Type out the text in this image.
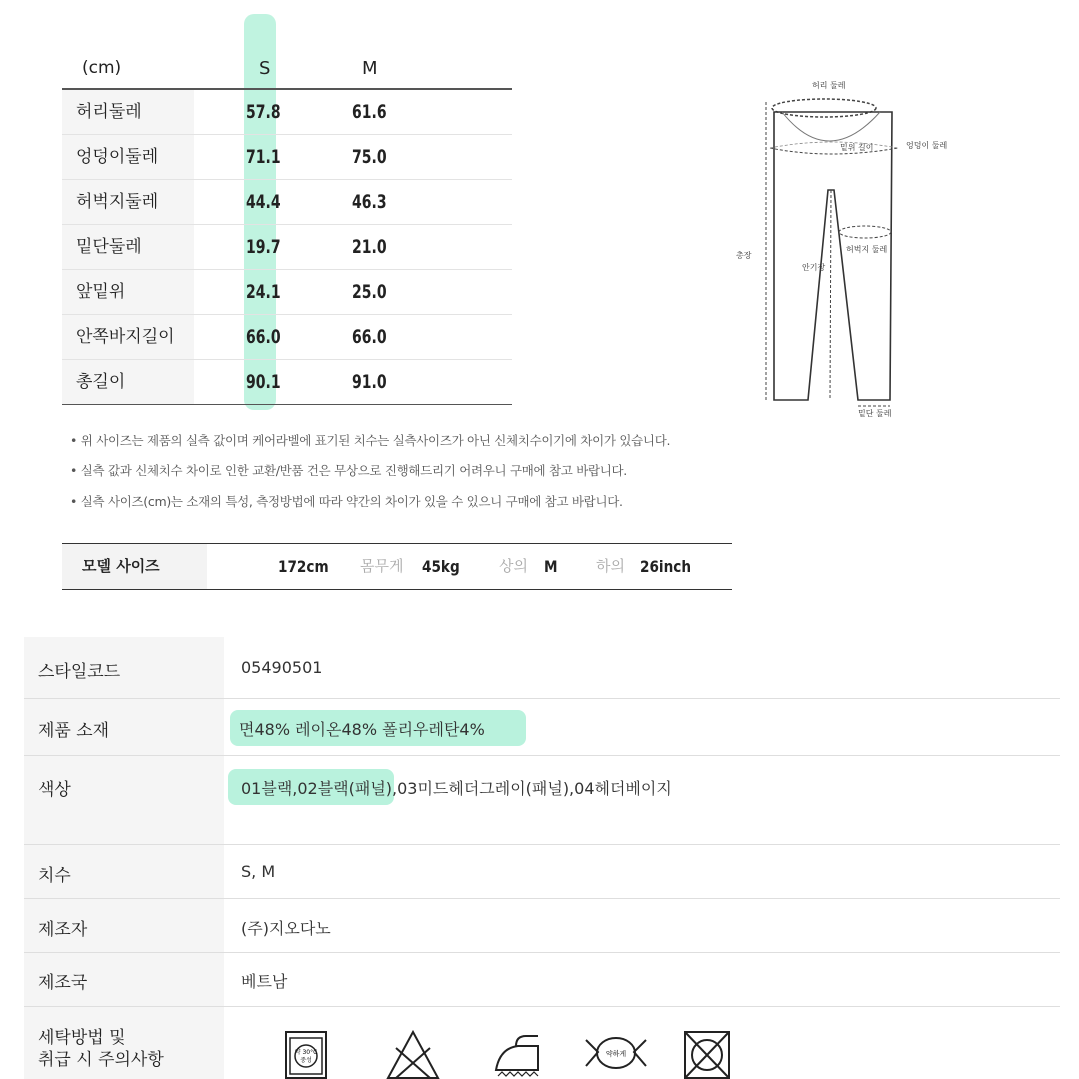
(cm)	S	M
허리둘레	57.8	61.6
엉덩이둘레	71.1	75.0
허벅지둘레	44.4	46.3
밑단둘레	19.7	21.0
앞밑위	24.1	25.0
안쪽바지길이	66.0	66.0
총길이	90.1	91.0
허리 둘레
밑위 길이	엉덩이 둘레
총장
안기장
허벅지 둘레
밑단 둘레
• 위 사이즈는 제품의 실측 값이며 케어라벨에 표기된 치수는 실측사이즈가 아닌 신체치수이기에 차이가 있습니다.
• 실측 값과 신체치수 차이로 인한 교환/반품 건은 무상으로 진행해드리기 어려우니 구매에 참고 바랍니다.
• 실측 사이즈(cm)는 소재의 특성, 측정방법에 따라 약간의 차이가 있을 수 있으니 구매에 참고 바랍니다.
모델 사이즈	172cm 몸무게 45kg	상의 M	하의 26inch
스타일코드	05490501
제품 소재	면48% 레이온48% 폴리우레탄4%
색상	01블랙,02블랙(패널),03미드헤더그레이(패널),04헤더베이지
치수	S, M
제조자	(주)지오다노
제조국	베트남
세탁방법 및
취급 시 주의사항	약 30°C
중성
약하게
